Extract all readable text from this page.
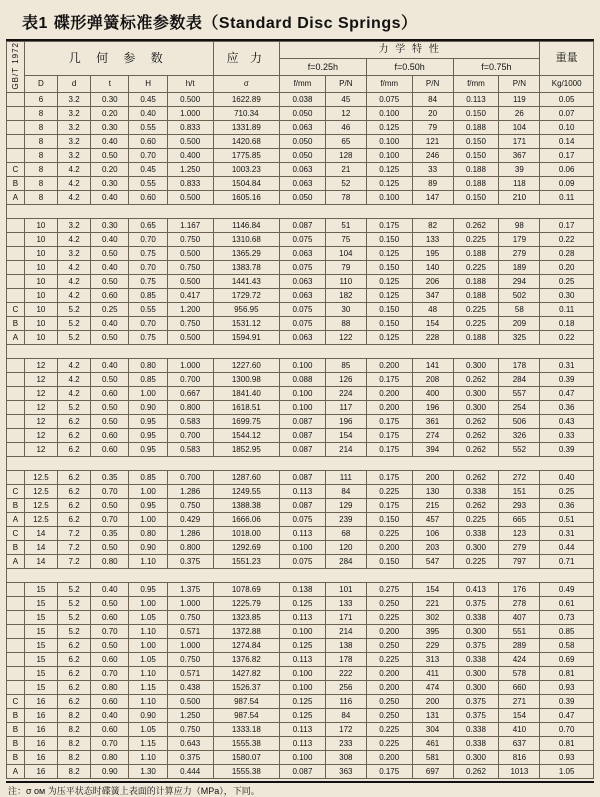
表1 碟形弹簧标准参数表（Standard Disc Springs）
GB/T 1972	几 何 参 数					应 力	力 学 特 性						重量
							f=0.25h		f=0.50h		f=0.75h		
	D	d	t	H	h/t	σ	f/mm	P/N	f/mm	P/N	f/mm	P/N	Kg/1000
	6	3.2	0.30	0.45	0.500	1622.89	0.038	45	0.075	84	0.113	119	0.05
	8	3.2	0.20	0.40	1.000	710.34	0.050	12	0.100	20	0.150	26	0.07
	8	3.2	0.30	0.55	0.833	1331.89	0.063	46	0.125	79	0.188	104	0.10
	8	3.2	0.40	0.60	0.500	1420.68	0.050	65	0.100	121	0.150	171	0.14
	8	3.2	0.50	0.70	0.400	1775.85	0.050	128	0.100	246	0.150	367	0.17
C	8	4.2	0.20	0.45	1.250	1003.23	0.063	21	0.125	33	0.188	39	0.06
B	8	4.2	0.30	0.55	0.833	1504.84	0.063	52	0.125	89	0.188	118	0.09
A	8	4.2	0.40	0.60	0.500	1605.16	0.050	78	0.100	147	0.150	210	0.11

	10	3.2	0.30	0.65	1.167	1146.84	0.087	51	0.175	82	0.262	98	0.17
	10	4.2	0.40	0.70	0.750	1310.68	0.075	75	0.150	133	0.225	179	0.22
	10	3.2	0.50	0.75	0.500	1365.29	0.063	104	0.125	195	0.188	279	0.28
	10	4.2	0.40	0.70	0.750	1383.78	0.075	79	0.150	140	0.225	189	0.20
	10	4.2	0.50	0.75	0.500	1441.43	0.063	110	0.125	206	0.188	294	0.25
	10	4.2	0.60	0.85	0.417	1729.72	0.063	182	0.125	347	0.188	502	0.30
C	10	5.2	0.25	0.55	1.200	956.95	0.075	30	0.150	48	0.225	58	0.11
B	10	5.2	0.40	0.70	0.750	1531.12	0.075	88	0.150	154	0.225	209	0.18
A	10	5.2	0.50	0.75	0.500	1594.91	0.063	122	0.125	228	0.188	325	0.22

	12	4.2	0.40	0.80	1.000	1227.60	0.100	85	0.200	141	0.300	178	0.31
	12	4.2	0.50	0.85	0.700	1300.98	0.088	126	0.175	208	0.262	284	0.39
	12	4.2	0.60	1.00	0.667	1841.40	0.100	224	0.200	400	0.300	557	0.47
	12	5.2	0.50	0.90	0.800	1618.51	0.100	117	0.200	196	0.300	254	0.36
	12	6.2	0.50	0.95	0.583	1699.75	0.087	196	0.175	361	0.262	506	0.43
	12	6.2	0.60	0.95	0.700	1544.12	0.087	154	0.175	274	0.262	326	0.33
	12	6.2	0.60	0.95	0.583	1852.95	0.087	214	0.175	394	0.262	552	0.39

	12.5	6.2	0.35	0.85	0.700	1287.60	0.087	111	0.175	200	0.262	272	0.40
C	12.5	6.2	0.70	1.00	1.286	1249.55	0.113	84	0.225	130	0.338	151	0.25
B	12.5	6.2	0.50	0.95	0.750	1388.38	0.087	129	0.175	215	0.262	293	0.36
A	12.5	6.2	0.70	1.00	0.429	1666.06	0.075	239	0.150	457	0.225	665	0.51
C	14	7.2	0.35	0.80	1.286	1018.00	0.113	68	0.225	106	0.338	123	0.31
B	14	7.2	0.50	0.90	0.800	1292.69	0.100	120	0.200	203	0.300	279	0.44
A	14	7.2	0.80	1.10	0.375	1551.23	0.075	284	0.150	547	0.225	797	0.71

	15	5.2	0.40	0.95	1.375	1078.69	0.138	101	0.275	154	0.413	176	0.49
	15	5.2	0.50	1.00	1.000	1225.79	0.125	133	0.250	221	0.375	278	0.61
	15	5.2	0.60	1.05	0.750	1323.85	0.113	171	0.225	302	0.338	407	0.73
	15	5.2	0.70	1.10	0.571	1372.88	0.100	214	0.200	395	0.300	551	0.85
	15	6.2	0.50	1.00	1.000	1274.84	0.125	138	0.250	229	0.375	289	0.58
	15	6.2	0.60	1.05	0.750	1376.82	0.113	178	0.225	313	0.338	424	0.69
	15	6.2	0.70	1.10	0.571	1427.82	0.100	222	0.200	411	0.300	578	0.81
	15	6.2	0.80	1.15	0.438	1526.37	0.100	256	0.200	474	0.300	660	0.93
C	16	6.2	0.60	1.10	0.500	987.54	0.125	116	0.250	200	0.375	271	0.39
B	16	8.2	0.40	0.90	1.250	987.54	0.125	84	0.250	131	0.375	154	0.47
B	16	8.2	0.60	1.05	0.750	1333.18	0.113	172	0.225	304	0.338	410	0.70
B	16	8.2	0.70	1.15	0.643	1555.38	0.113	233	0.225	461	0.338	637	0.81
B	16	8.2	0.80	1.10	0.375	1580.07	0.100	308	0.200	581	0.300	816	0.93
A	16	8.2	0.90	1.30	0.444	1555.38	0.087	363	0.175	697	0.262	1013	1.05
注：σ ом 为压平状态时碟簧上表面的计算应力（MPa），下同。
